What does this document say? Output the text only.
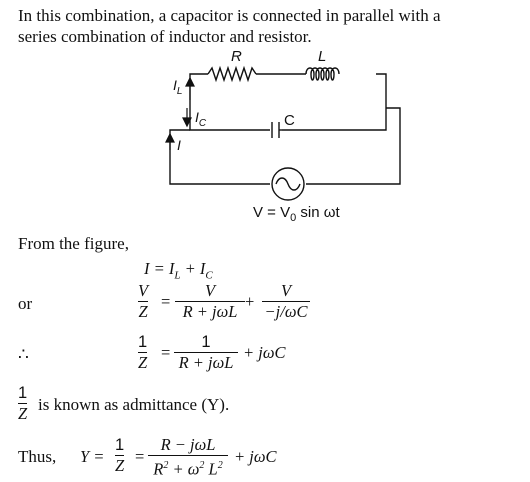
In this combination, a capacitor is connected in parallel with a
series combination of inductor and resistor.
R	L
C
$I_L$
$I_C$
I
$V = V_0$ sin ωt
From the figure,
$I = I_L + I_C$
or
V
Z
=
V
R + jωL
+
V
−j/ωC
∴
1
Z
=
1
R + jωL
+ jωC
1
Z is known as admittance (Y).
Thus, Y =
1
Z =
R − jωL
$R^2 + \omega^2$ $L^2 + j\omega C$
